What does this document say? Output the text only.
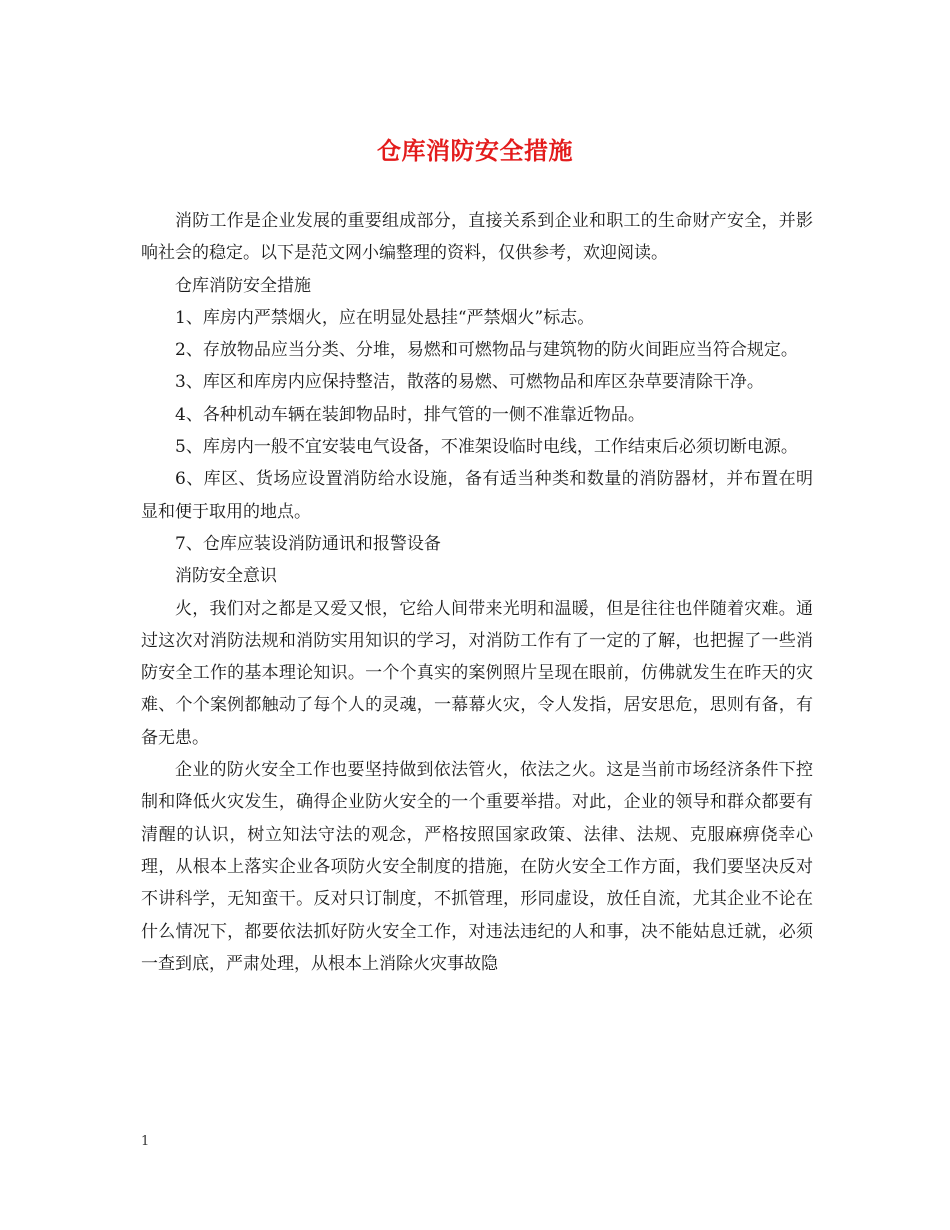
仓库消防安全措施

消防工作是企业发展的重要组成部分，直接关系到企业和职工的生命财产安全，并影响社会的稳定。以下是范文网小编整理的资料，仅供参考，欢迎阅读。

仓库消防安全措施

1、库房内严禁烟火，应在明显处悬挂“严禁烟火”标志。

2、存放物品应当分类、分堆，易燃和可燃物品与建筑物的防火间距应当符合规定。

3、库区和库房内应保持整洁，散落的易燃、可燃物品和库区杂草要清除干净。

4、各种机动车辆在装卸物品时，排气管的一侧不准靠近物品。

5、库房内一般不宜安装电气设备，不准架设临时电线，工作结束后必须切断电源。

6、库区、货场应设置消防给水设施，备有适当种类和数量的消防器材，并布置在明显和便于取用的地点。

7、仓库应装设消防通讯和报警设备

消防安全意识

火，我们对之都是又爱又恨，它给人间带来光明和温暖，但是往往也伴随着灾难。通过这次对消防法规和消防实用知识的学习，对消防工作有了一定的了解，也把握了一些消防安全工作的基本理论知识。一个个真实的案例照片呈现在眼前，仿佛就发生在昨天的灾难、个个案例都触动了每个人的灵魂，一幕幕火灾，令人发指，居安思危，思则有备，有备无患。

企业的防火安全工作也要坚持做到依法管火，依法之火。这是当前市场经济条件下控制和降低火灾发生，确得企业防火安全的一个重要举措。对此，企业的领导和群众都要有清醒的认识，树立知法守法的观念，严格按照国家政策、法律、法规、克服麻痹侥幸心理，从根本上落实企业各项防火安全制度的措施，在防火安全工作方面，我们要坚决反对不讲科学，无知蛮干。反对只订制度，不抓管理，形同虚设，放任自流，尤其企业不论在什么情况下，都要依法抓好防火安全工作，对违法违纪的人和事，决不能姑息迁就，必须一查到底，严肃处理，从根本上消除火灾事故隐

1
